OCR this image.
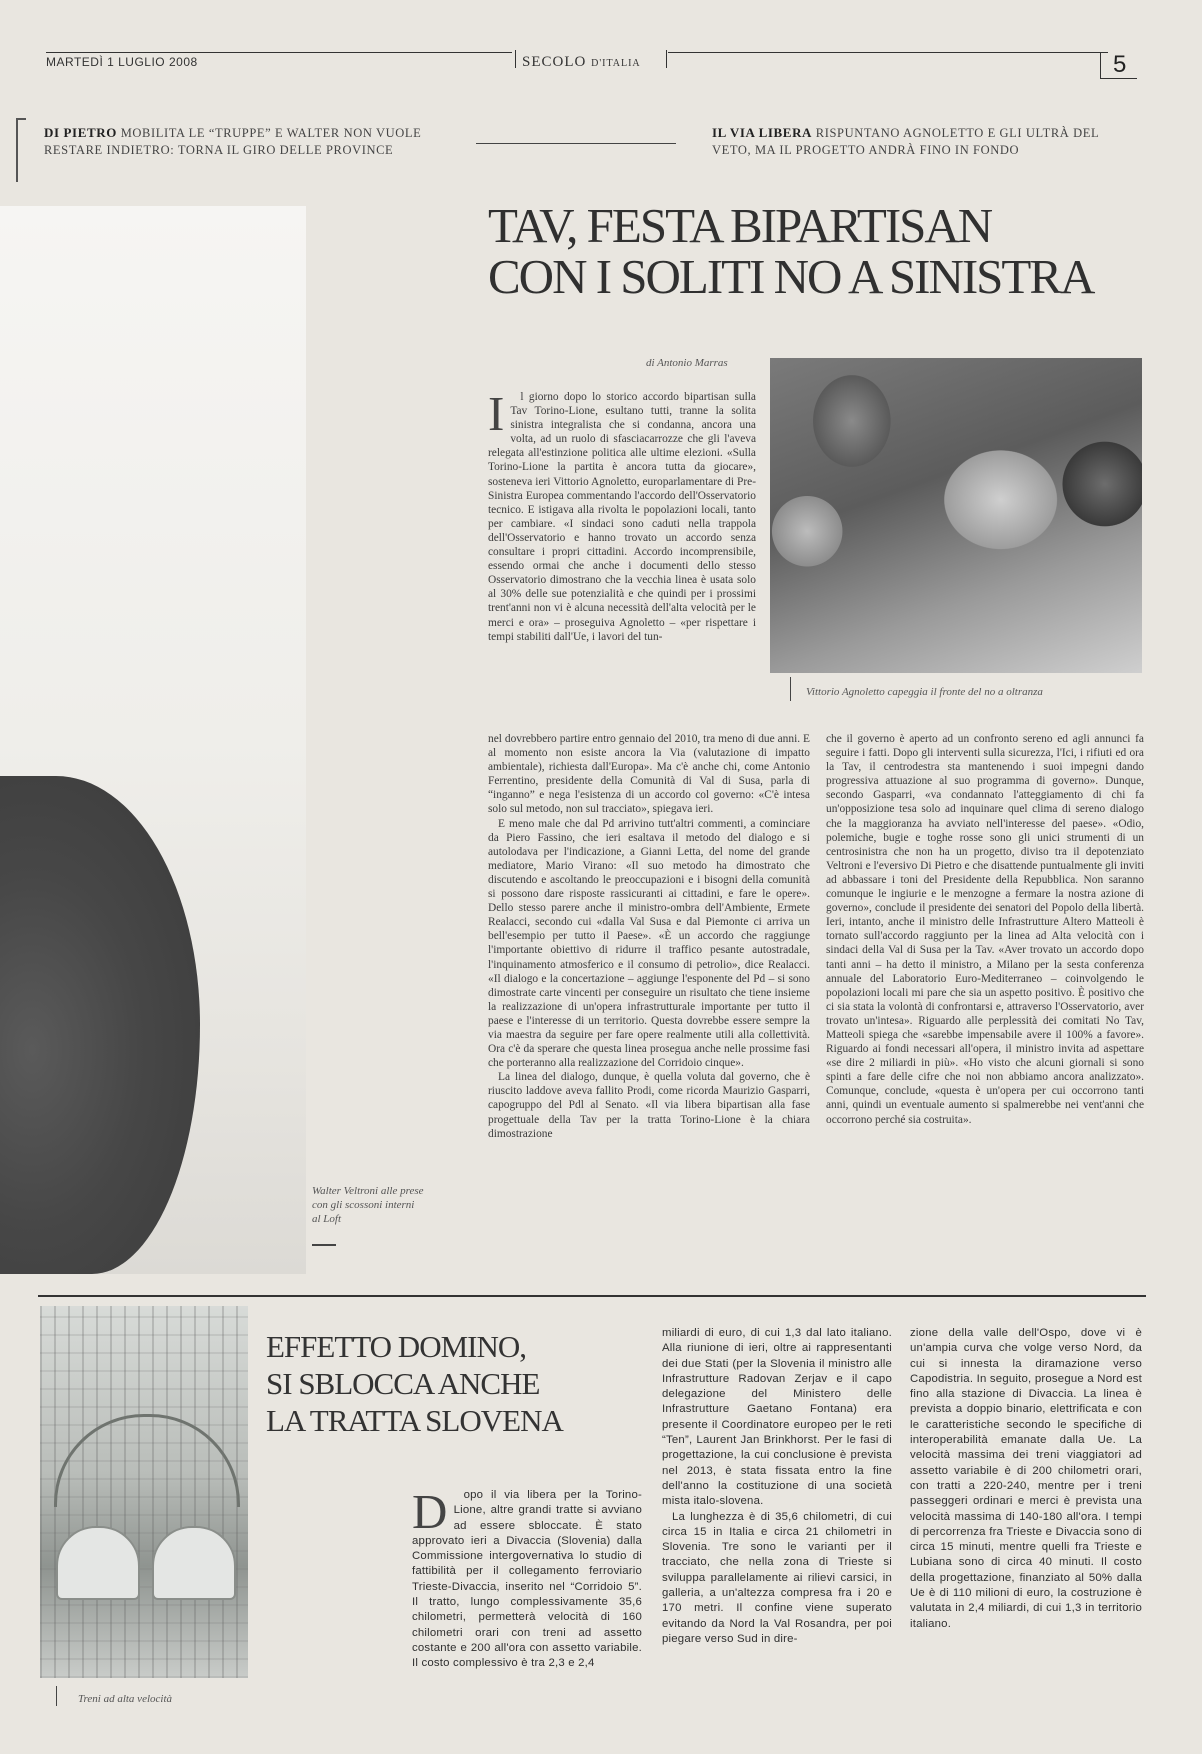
MARTEDÌ 1 LUGLIO 2008	SECOLO D'ITALIA	5
DI PIETRO MOBILITA LE “TRUPPE” E WALTER NON VUOLE RESTARE INDIETRO: TORNA IL GIRO DELLE PROVINCE
IL VIA LIBERA RISPUNTANO AGNOLETTO E GLI ULTRÀ DEL VETO, MA IL PROGETTO ANDRÀ FINO IN FONDO
Walter Veltroni alle prese con gli scossoni interni al Loft
TAV, FESTA BIPARTISAN
CON I SOLITI NO A SINISTRA
di Antonio Marras
Vittorio Agnoletto capeggia il fronte del no a oltranza
I	l giorno dopo lo storico accordo bipartisan sulla Tav Torino-Lione, esultano tutti, tranne la solita sinistra integralista che si condanna, ancora una volta, ad un ruolo di sfasciacarrozze che gli l'aveva relegata all'estinzione politica alle ultime elezioni. «Sulla Torino-Lione la partita è ancora tutta da giocare», sosteneva ieri Vittorio Agnoletto, europarlamentare di Pre-Sinistra Europea commentando l'accordo dell'Osservatorio tecnico. E istigava alla rivolta le popolazioni locali, tanto per cambiare. «I sindaci sono caduti nella trappola dell'Osservatorio e hanno trovato un accordo senza consultare i propri cittadini. Accordo incomprensibile, essendo ormai che anche i documenti dello stesso Osservatorio dimostrano che la vecchia linea è usata solo al 30% delle sue potenzialità e che quindi per i prossimi trent'anni non vi è alcuna necessità dell'alta velocità per le merci e ora» – proseguiva Agnoletto – «per rispettare i tempi stabiliti dall'Ue, i lavori del tun-

nel dovrebbero partire entro gennaio del 2010, tra meno di due anni. E al momento non esiste ancora la Via (valutazione di impatto ambientale), richiesta dall'Europa». Ma c'è anche chi, come Antonio Ferrentino, presidente della Comunità di Val di Susa, parla di “inganno” e nega l'esistenza di un accordo col governo: «C'è intesa solo sul metodo, non sul tracciato», spiegava ieri.

E meno male che dal Pd arrivino tutt'altri commenti, a cominciare da Piero Fassino, che ieri esaltava il metodo del dialogo e si autolodava per l'indicazione, a Gianni Letta, del nome del grande mediatore, Mario Virano: «Il suo metodo ha dimostrato che discutendo e ascoltando le preoccupazioni e i bisogni della comunità si possono dare risposte rassicuranti ai cittadini, e fare le opere». Dello stesso parere anche il ministro-ombra dell'Ambiente, Ermete Realacci, secondo cui «dalla Val Susa e dal Piemonte ci arriva un bell'esempio per tutto il Paese». «È un accordo che raggiunge l'importante obiettivo di ridurre il traffico pesante autostradale, l'inquinamento atmosferico e il consumo di petrolio», dice Realacci. «Il dialogo e la concertazione – aggiunge l'esponente del Pd – si sono dimostrate carte vincenti per conseguire un risultato che tiene insieme la realizzazione di un'opera infrastrutturale importante per tutto il paese e l'interesse di un territorio. Questa dovrebbe essere sempre la via maestra da seguire per fare opere realmente utili alla collettività. Ora c'è da sperare che questa linea prosegua anche nelle prossime fasi che porteranno alla realizzazione del Corridoio cinque».

La linea del dialogo, dunque, è quella voluta dal governo, che è riuscito laddove aveva fallito Prodi, come ricorda Maurizio Gasparri, capogruppo del Pdl al Senato. «Il via libera bipartisan alla fase progettuale della Tav per la tratta Torino-Lione è la chiara dimostrazione

che il governo è aperto ad un confronto sereno ed agli annunci fa seguire i fatti. Dopo gli interventi sulla sicurezza, l'Ici, i rifiuti ed ora la Tav, il centrodestra sta mantenendo i suoi impegni dando progressiva attuazione al suo programma di governo». Dunque, secondo Gasparri, «va condannato l'atteggiamento di chi fa un'opposizione tesa solo ad inquinare quel clima di sereno dialogo che la maggioranza ha avviato nell'interesse del paese». «Odio, polemiche, bugie e toghe rosse sono gli unici strumenti di un centrosinistra che non ha un progetto, diviso tra il depotenziato Veltroni e l'eversivo Di Pietro e che disattende puntualmente gli inviti ad abbassare i toni del Presidente della Repubblica. Non saranno comunque le ingiurie e le menzogne a fermare la nostra azione di governo», conclude il presidente dei senatori del Popolo della libertà. Ieri, intanto, anche il ministro delle Infrastrutture Altero Matteoli è tornato sull'accordo raggiunto per la linea ad Alta velocità con i sindaci della Val di Susa per la Tav. «Aver trovato un accordo dopo tanti anni – ha detto il ministro, a Milano per la sesta conferenza annuale del Laboratorio Euro-Mediterraneo – coinvolgendo le popolazioni locali mi pare che sia un aspetto positivo. È positivo che ci sia stata la volontà di confrontarsi e, attraverso l'Osservatorio, aver trovato un'intesa». Riguardo alle perplessità dei comitati No Tav, Matteoli spiega che «sarebbe impensabile avere il 100% a favore». Riguardo ai fondi necessari all'opera, il ministro invita ad aspettare «se dire 2 miliardi in più». «Ho visto che alcuni giornali si sono spinti a fare delle cifre che noi non abbiamo ancora analizzato». Comunque, conclude, «questa è un'opera per cui occorrono tanti anni, quindi un eventuale aumento si spalmerebbe nei vent'anni che occorrono perché sia costruita».

Treni ad alta velocità
EFFETTO DOMINO,
SI SBLOCCA ANCHE
LA TRATTA SLOVENA
D	opo il via libera per la Torino-Lione, altre grandi tratte si avviano ad essere sbloccate. È stato approvato ieri a Divaccia (Slovenia) dalla Commissione intergovernativa lo studio di fattibilità per il collegamento ferroviario Trieste-Divaccia, inserito nel “Corridoio 5”. Il tratto, lungo complessivamente 35,6 chilometri, permetterà velocità di 160 chilometri orari con treni ad assetto costante e 200 all'ora con assetto variabile. Il costo complessivo è tra 2,3 e 2,4

miliardi di euro, di cui 1,3 dal lato italiano. Alla riunione di ieri, oltre ai rappresentanti dei due Stati (per la Slovenia il ministro alle Infrastrutture Radovan Zerjav e il capo delegazione del Ministero delle Infrastrutture Gaetano Fontana) era presente il Coordinatore europeo per le reti “Ten”, Laurent Jan Brinkhorst. Per le fasi di progettazione, la cui conclusione è prevista nel 2013, è stata fissata entro la fine dell'anno la costituzione di una società mista italo-slovena.

La lunghezza è di 35,6 chilometri, di cui circa 15 in Italia e circa 21 chilometri in Slovenia. Tre sono le varianti per il tracciato, che nella zona di Trieste si sviluppa parallelamente ai rilievi carsici, in galleria, a un'altezza compresa fra i 20 e 170 metri. Il confine viene superato evitando da Nord la Val Rosandra, per poi piegare verso Sud in dire-

zione della valle dell'Ospo, dove vi è un'ampia curva che volge verso Nord, da cui si innesta la diramazione verso Capodistria. In seguito, prosegue a Nord est fino alla stazione di Divaccia. La linea è prevista a doppio binario, elettrificata e con le caratteristiche secondo le specifiche di interoperabilità emanate dalla Ue. La velocità massima dei treni viaggiatori ad assetto variabile è di 200 chilometri orari, con tratti a 220-240, mentre per i treni passeggeri ordinari e merci è prevista una velocità massima di 140-180 all'ora. I tempi di percorrenza fra Trieste e Divaccia sono di circa 15 minuti, mentre quelli fra Trieste e Lubiana sono di circa 40 minuti. Il costo della progettazione, finanziato al 50% dalla Ue è di 110 milioni di euro, la costruzione è valutata in 2,4 miliardi, di cui 1,3 in territorio italiano.
